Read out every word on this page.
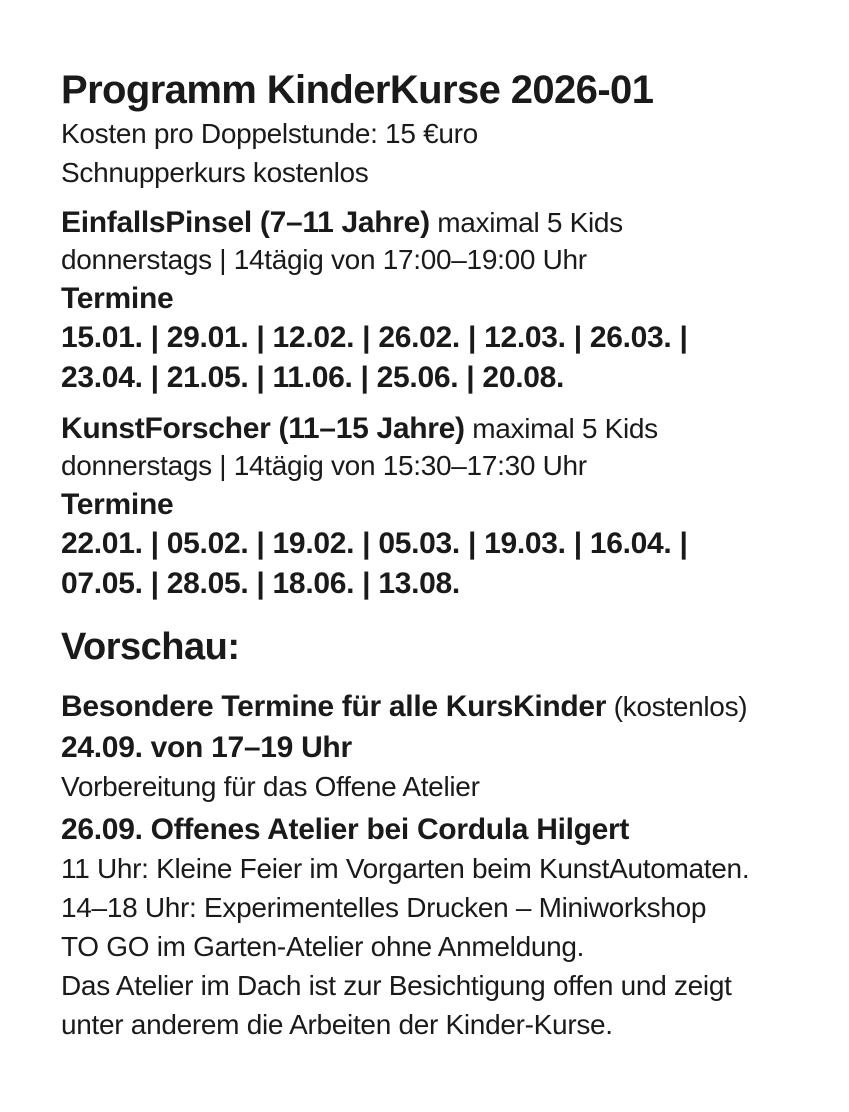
Programm KinderKurse 2026-01
Kosten pro Doppelstunde: 15 €uro
Schnupperkurs kostenlos
EinfallsPinsel (7–11 Jahre) maximal 5 Kids
donnerstags | 14tägig von 17:00–19:00 Uhr
Termine
15.01. | 29.01. | 12.02. | 26.02. | 12.03. | 26.03. |
23.04. | 21.05. | 11.06. | 25.06. | 20.08.
KunstForscher (11–15 Jahre) maximal 5 Kids
donnerstags | 14tägig von 15:30–17:30 Uhr
Termine
22.01. | 05.02. | 19.02. | 05.03. | 19.03. | 16.04. |
07.05. | 28.05. | 18.06. | 13.08.
Vorschau:
Besondere Termine für alle KursKinder (kostenlos)
24.09. von 17–19 Uhr
Vorbereitung für das Offene Atelier
26.09. Offenes Atelier bei Cordula Hilgert
11 Uhr: Kleine Feier im Vorgarten beim KunstAutomaten.
14–18 Uhr: Experimentelles Drucken – Miniworkshop
TO GO im Garten-Atelier ohne Anmeldung.
Das Atelier im Dach ist zur Besichtigung offen und zeigt
unter anderem die Arbeiten der Kinder-Kurse.
